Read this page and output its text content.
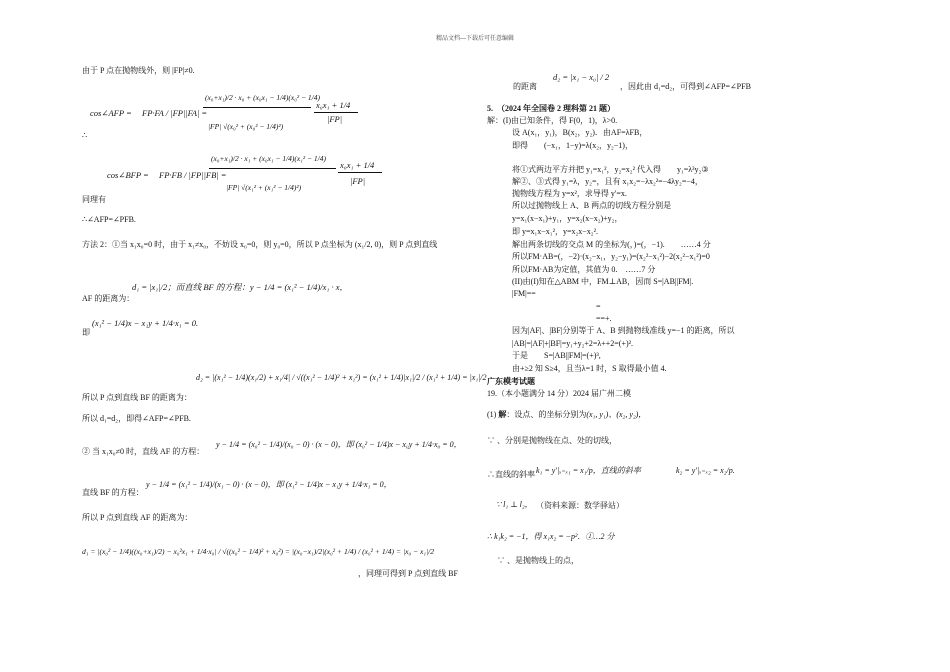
精品文档---下载后可任意编辑
由于 P 点在抛物线外，则 |FP|≠0.
cos∠AFP = FP·FA / |FP||FA| =
(x₀+x₁)/2 · x₀ + (x₀x₁ − 1/4)(x₀² − 1/4)
|FP| √(x₀² + (x₀² − 1/4)²)
x₀x₁ + 1/4
|FP|
∴
cos∠BFP = FP·FB / |FP||FB| =
(x₀+x₁)/2 · x₁ + (x₀x₁ − 1/4)(x₁² − 1/4)
|FP| √(x₁² + (x₁² − 1/4)²)
x₀x₁ + 1/4
|FP|
同理有
∴∠AFP=∠PFB.
方法 2：①当 x₁x₀=0 时，由于 x₁≠x₀，不妨设 x₀=0，则 y₀=0，所以 P 点坐标为 (x₁/2, 0)，则 P 点到直线
d₁ = |x₁|/2；而直线 BF 的方程：y − 1/4 = (x₁² − 1/4)/x₁ · x，
AF 的距离为：
(x₁² − 1/4)x − x₁y + 1/4·x₁ = 0.
即
d₂ = |(x₁² − 1/4)(x₁/2) + x₁/4| / √((x₁² − 1/4)² + x₁²) = (x₁² + 1/4)|x₁|/2 / (x₁² + 1/4) = |x₁|/2
所以 P 点到直线 BF 的距离为：
所以 d₁=d₂，即得∠AFP=∠PFB.
② 当 x₁x₀≠0 时，直线 AF 的方程：
y − 1/4 = (x₀² − 1/4)/(x₀ − 0) · (x − 0)，即 (x₀² − 1/4)x − x₀y + 1/4·x₀ = 0，
直线 BF 的方程：
y − 1/4 = (x₁² − 1/4)/(x₁ − 0) · (x − 0)，即 (x₁² − 1/4)x − x₁y + 1/4·x₁ = 0，
所以 P 点到直线 AF 的距离为：
d₁ = |(x₀² − 1/4)((x₀+x₁)/2) − x₀²x₁ + 1/4·x₀| / √((x₀² − 1/4)² + x₀²) = |(x₀−x₁)/2|(x₀² + 1/4) / (x₀² + 1/4) = |x₀ − x₁|/2
，同理可得到 P 点到直线 BF
的距离
d₂ = |x₁ − x₀| / 2
，因此由 d₁=d₂，可得到∠AFP=∠PFB
5.　（2024 年全国卷 2 理科第 21 题）
解：(I)由已知条件，得 F(0，1)，λ>0.
设 A(x₁，y₁)，B(x₂，y₂)．由AF=λFB，
即得　　(−x₁，1−y)=λ(x₂，y₂−1)，
将①式两边平方并把 y₁=x₁²，y₂=x₂² 代入得　　y₁=λ²y₂③
解②、③式得 y₁=λ，y₂=，且有 x₁x₂=−λx₂²=−4λy₂=−4，
抛物线方程为 y=x²，求导得 y'=x.
所以过抛物线上 A、B 两点的切线方程分别是
y=x₁(x−x₁)+y₁，y=x₂(x−x₂)+y₂，
即 y=x₁x−x₁²，y=x₂x−x₂².
解出两条切线的交点 M 的坐标为(，)=(，−1).　　……4 分
所以FM·AB=(，−2)·(x₂−x₁，y₂−y₁)=(x₂²−x₁²)−2(x₂²−x₁²)=0
所以FM·AB为定值，其值为 0.　……7 分
(II)由(I)知在△ABM 中，FM⊥AB，因而 S=|AB||FM|.
|FM|==
=
==+.
因为|AF|、|BF|分别等于 A、B 到抛物线准线 y=−1 的距离，所以
|AB|=|AF|+|BF|=y₁+y₂+2=λ++2=(+)².
于是　　S=|AB||FM|=(+)³,
由+≥2 知 S≥4，且当λ=1 时，S 取得最小值 4.
广东模考试题
19.（本小题满分 14 分）2024 届广州二模
(1) 解：设点、的坐标分别为(x₁, y₁)、(x₂, y₂)，
∵ 、分别是抛物线在点、处的切线，
∴直线的斜率 k₁ = y′|ₓ₌ₓ₁ = x₁/p，直线的斜率	k₂ = y′|ₓ₌ₓ₂ = x₂/p.
∵ l₁ ⊥ l₂， （资料来源：数学驿站）
∴ k₁k₂ = −1，得 x₁x₂ = −p²．①…2 分
∵ 、是抛物线上的点，
